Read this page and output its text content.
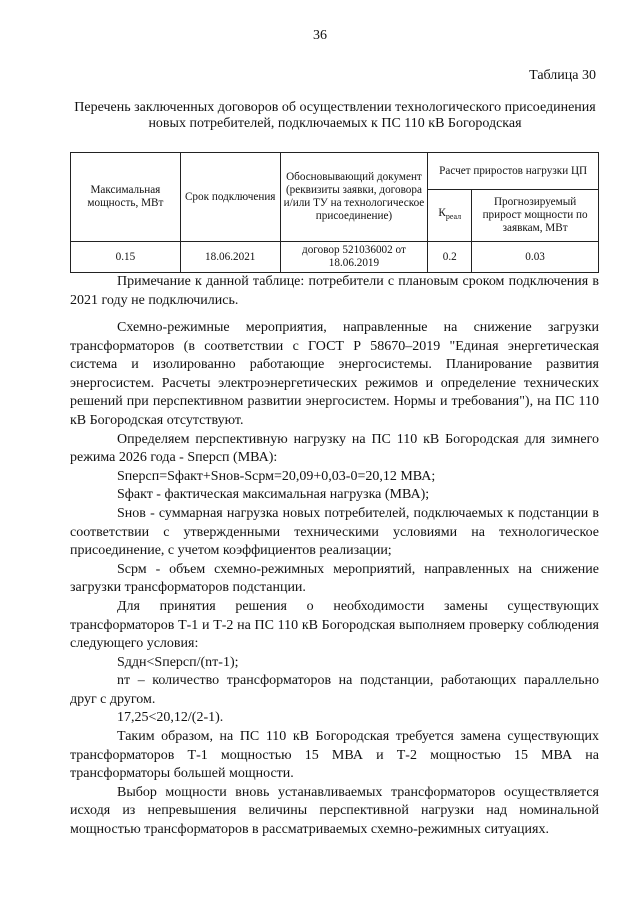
36
Таблица 30
Перечень заключенных договоров об осуществлении технологического присоединения новых потребителей, подключаемых к ПС 110 кВ Богородская
Максимальная мощность, МВт	Срок подключения	Обосновывающий документ (реквизиты заявки, договора и/или ТУ на технологическое присоединение)	Расчет приростов нагрузки ЦП	
			$К_{реал}$	Прогнозируемый прирост мощности по заявкам, МВт
0.15	18.06.2021	договор 521036002 от 18.06.2019	0.2	0.03
Примечание к данной таблице: потребители с плановым сроком подключения в 2021 году не подключились.

Схемно-режимные мероприятия, направленные на снижение загрузки трансформаторов (в соответствии с ГОСТ Р 58670–2019 "Единая энергетическая система и изолированно работающие энергосистемы. Планирование развития энергосистем. Расчеты электроэнергетических режимов и определение технических решений при перспективном развитии энергосистем. Нормы и требования"), на ПС 110 кВ Богородская отсутствуют.

Определяем перспективную нагрузку на ПС 110 кВ Богородская для зимнего режима 2026 года - Sперсп (МВА):

Sперсп=Sфакт+Sнов-Sсрм=20,09+0,03-0=20,12 МВА;

Sфакт - фактическая максимальная нагрузка (МВА);

Sнов - суммарная нагрузка новых потребителей, подключаемых к подстанции в соответствии с утвержденными техническими условиями на технологическое присоединение, с учетом коэффициентов реализации;

Sсрм - объем схемно-режимных мероприятий, направленных на снижение загрузки трансформаторов подстанции.

Для принятия решения о необходимости замены существующих трансформаторов Т-1 и Т-2 на ПС 110 кВ Богородская выполняем проверку соблюдения следующего условия:

Sддн<Sперсп/(nт-1);

nт – количество трансформаторов на подстанции, работающих параллельно друг с другом.

17,25<20,12/(2-1).

Таким образом, на ПС 110 кВ Богородская требуется замена существующих трансформаторов Т-1 мощностью 15 МВА и Т-2 мощностью 15 МВА на трансформаторы большей мощности.

Выбор мощности вновь устанавливаемых трансформаторов осуществляется исходя из непревышения величины перспективной нагрузки над номинальной мощностью трансформаторов в рассматриваемых схемно-режимных ситуациях.
